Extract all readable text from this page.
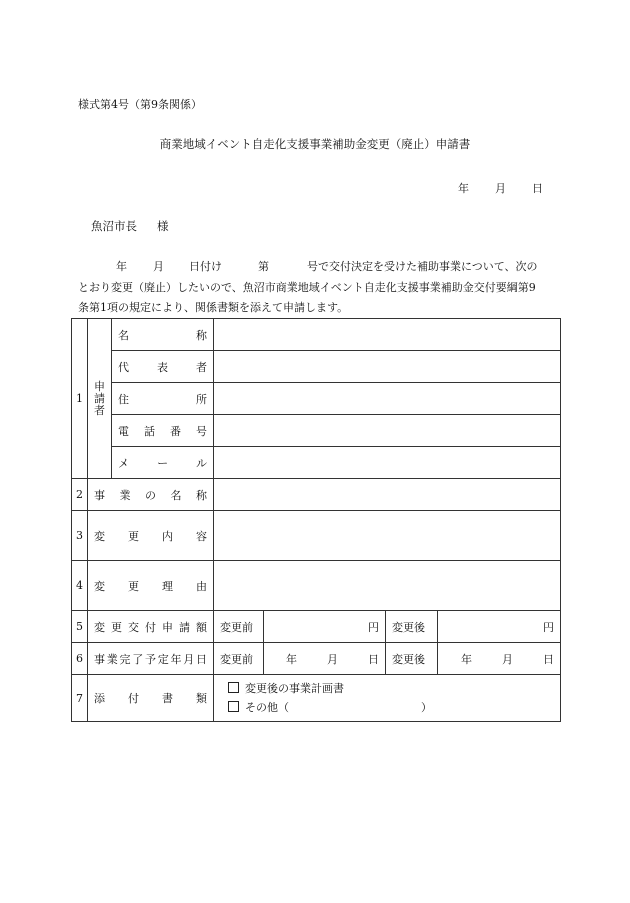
様式第4号（第9条関係）
商業地域イベント自走化支援事業補助金変更（廃止）申請書
年 月 日
魚沼市長 様
年 月 日付け	第	号で交付決定を受けた補助事業について、次の
とおり変更（廃止）したいので、魚沼市商業地域イベント自走化支援事業補助金交付要綱第9
条第1項の規定により、関係書類を添えて申請します。
1	申請者	名称				
		代表者				
		住所				
		電話番号				
		メール				
2	事業の名称					
3	変更内容					
4	変更理由					
5	変更交付申請額		変更前	円	変更後	円

6	事業完了予定年月日		変更前	年 月 日	変更後	年 月 日

7	添付書類		変更後の事業計画書
その他（　　　　　　　　　　　　）			
